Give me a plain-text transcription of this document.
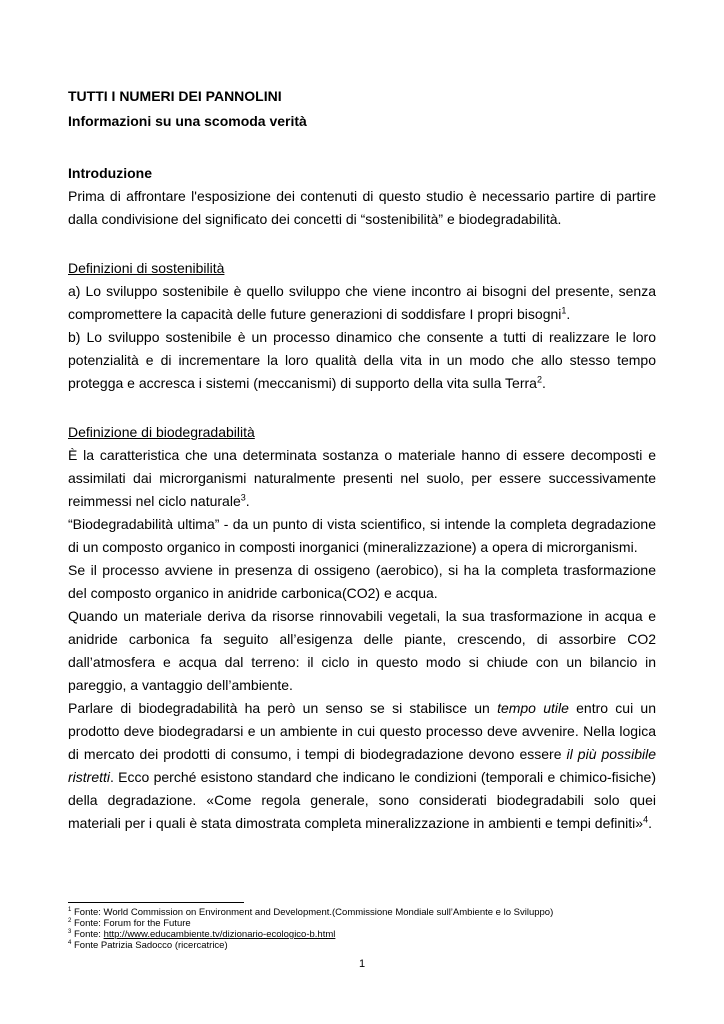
TUTTI I NUMERI DEI PANNOLINI

Informazioni su una scomoda verità

Introduzione

Prima di affrontare l'esposizione dei contenuti di questo studio è necessario partire di partire dalla condivisione del significato dei concetti di “sostenibilità” e biodegradabilità.

Definizioni di sostenibilità

a) Lo sviluppo sostenibile è quello sviluppo che viene incontro ai bisogni del presente, senza compromettere la capacità delle future generazioni di soddisfare I propri bisogni$^1$.

b) Lo sviluppo sostenibile è un processo dinamico che consente a tutti di realizzare le loro potenzialità e di incrementare la loro qualità della vita in un modo che allo stesso tempo protegga e accresca i sistemi (meccanismi) di supporto della vita sulla Terra$^2$.

Definizione di biodegradabilità

È la caratteristica che una determinata sostanza o materiale hanno di essere decomposti e assimilati dai microrganismi naturalmente presenti nel suolo, per essere successivamente reimmessi nel ciclo naturale$^3$.

“Biodegradabilità ultima” - da un punto di vista scientifico, si intende la completa degradazione di un composto organico in composti inorganici (mineralizzazione) a opera di microrganismi.

Se il processo avviene in presenza di ossigeno (aerobico), si ha la completa trasformazione del composto organico in anidride carbonica(CO2) e acqua.

Quando un materiale deriva da risorse rinnovabili vegetali, la sua trasformazione in acqua e anidride carbonica fa seguito all’esigenza delle piante, crescendo, di assorbire CO2 dall’atmosfera e acqua dal terreno: il ciclo in questo modo si chiude con un bilancio in pareggio, a vantaggio dell’ambiente.

Parlare di biodegradabilità ha però un senso se si stabilisce un tempo utile entro cui un prodotto deve biodegradarsi e un ambiente in cui questo processo deve avvenire. Nella logica di mercato dei prodotti di consumo, i tempi di biodegradazione devono essere il più possibile ristretti. Ecco perché esistono standard che indicano le condizioni (temporali e chimico-fisiche) della degradazione. «Come regola generale, sono considerati biodegradabili solo quei materiali per i quali è stata dimostrata completa mineralizzazione in ambienti e tempi definiti»$^4$.

$^1$ Fonte: World Commission on Environment and Development.(Commissione Mondiale sull’Ambiente e lo Sviluppo)
$^2$ Fonte: Forum for the Future
$^3$ Fonte: http://www.educambiente.tv/dizionario-ecologico-b.html
$^4$ Fonte Patrizia Sadocco (ricercatrice)
1
